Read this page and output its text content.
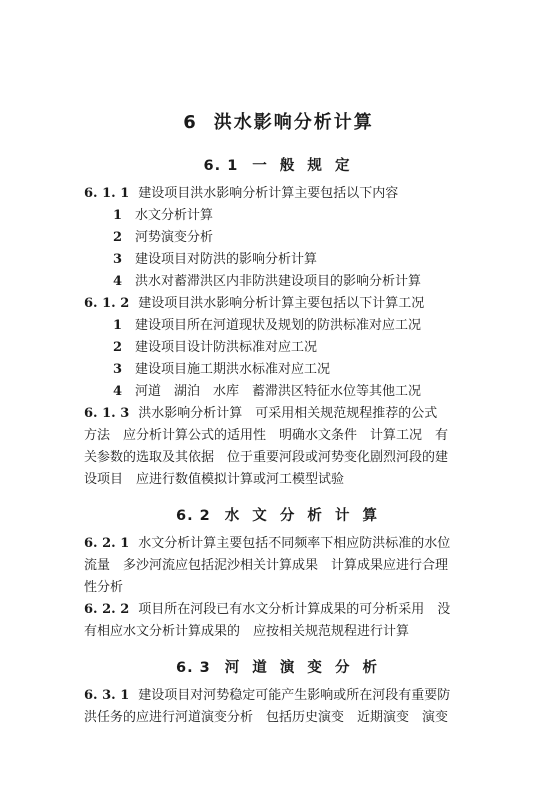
6 洪水影响分析计算
6. 1 一 般 规 定
6. 1. 1 建设项目洪水影响分析计算主要包括以下内容
1 水文分析计算
2 河势演变分析
3 建设项目对防洪的影响分析计算
4 洪水对蓄滞洪区内非防洪建设项目的影响分析计算
6. 1. 2 建设项目洪水影响分析计算主要包括以下计算工况
1 建设项目所在河道现状及规划的防洪标准对应工况
2 建设项目设计防洪标准对应工况
3 建设项目施工期洪水标准对应工况
4 河道　湖泊　水库　蓄滞洪区特征水位等其他工况
6. 1. 3 洪水影响分析计算　可采用相关规范规程推荐的公式
方法　应分析计算公式的适用性　明确水文条件　计算工况　有
关参数的选取及其依据　位于重要河段或河势变化剧烈河段的建
设项目　应进行数值模拟计算或河工模型试验
6. 2 水 文 分 析 计 算
6. 2. 1 水文分析计算主要包括不同频率下相应防洪标准的水位
流量　多沙河流应包括泥沙相关计算成果　计算成果应进行合理
性分析
6. 2. 2 项目所在河段已有水文分析计算成果的可分析采用　没
有相应水文分析计算成果的　应按相关规范规程进行计算
6. 3 河 道 演 变 分 析
6. 3. 1 建设项目对河势稳定可能产生影响或所在河段有重要防
洪任务的应进行河道演变分析　包括历史演变　近期演变　演变
